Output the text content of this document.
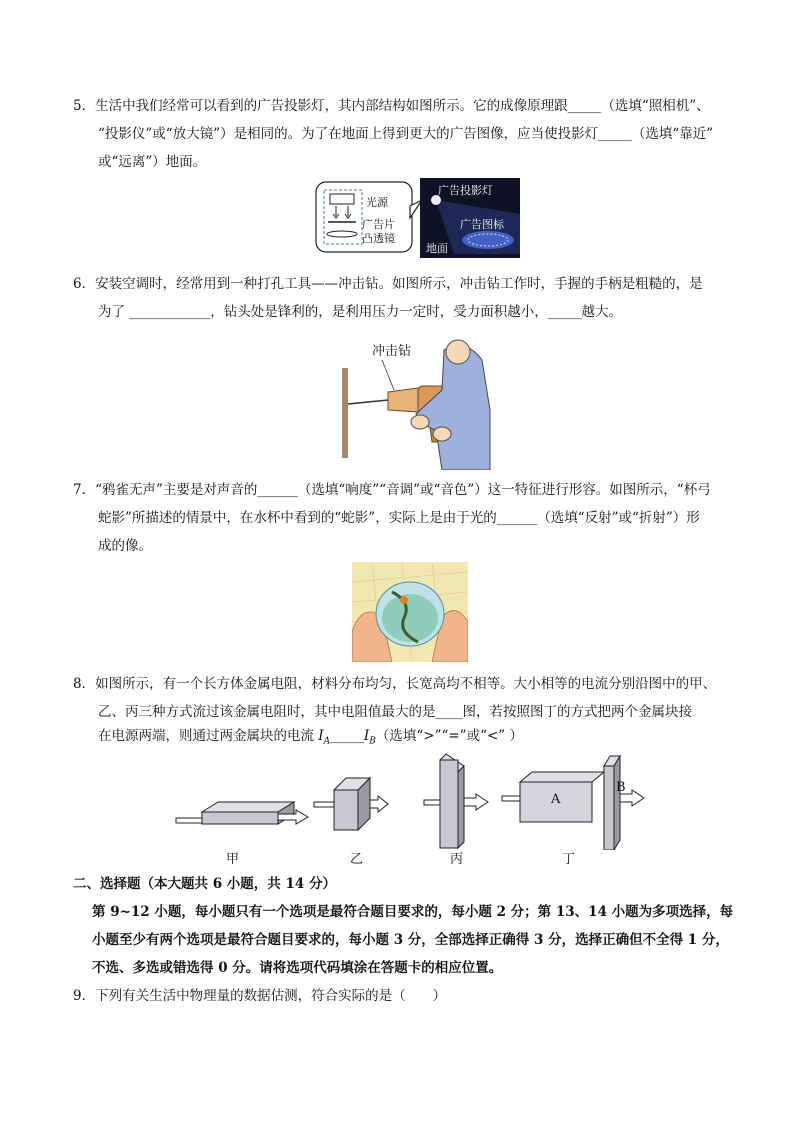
5．生活中我们经常可以看到的广告投影灯，其内部结构如图所示。它的成像原理跟_____（选填“照相机”、
“投影仪”或“放大镜”）是相同的。为了在地面上得到更大的广告图像，应当使投影灯_____（选填“靠近”
或“远离”）地面。
光源
广告片
凸透镜
广告投影灯
广告图标
地面
6．安装空调时，经常用到一种打孔工具——冲击钻。如图所示，冲击钻工作时，手握的手柄是粗糙的，是
为了 ____________，钻头处是锋利的，是利用压力一定时，受力面积越小，_____越大。
冲击钻
7．“鸦雀无声”主要是对声音的______（选填“响度”“音调”或“音色”）这一特征进行形容。如图所示，“杯弓
蛇影”所描述的情景中，在水杯中看到的“蛇影”，实际上是由于光的______（选填“反射”或“折射”）形
成的像。
8．如图所示，有一个长方体金属电阻，材料分布均匀，长宽高均不相等。大小相等的电流分别沿图中的甲、
乙、丙三种方式流过该金属电阻时，其中电阻值最大的是____图，若按照图丁的方式把两个金属块接
在电源两端，则通过两金属块的电流 $I_A\_\_\_\_\_I_B$（选填“>”“=”或“<” ）
A
B
甲	乙	丙	丁
二、选择题（本大题共 6 小题，共 14 分）
第 9~12 小题，每小题只有一个选项是最符合题目要求的，每小题 2 分；第 13、14 小题为多项选择，每
小题至少有两个选项是最符合题目要求的，每小题 3 分，全部选择正确得 3 分，选择正确但不全得 1 分，
不选、多选或错选得 0 分。请将选项代码填涂在答题卡的相应位置。
9．下列有关生活中物理量的数据估测，符合实际的是（　　）
